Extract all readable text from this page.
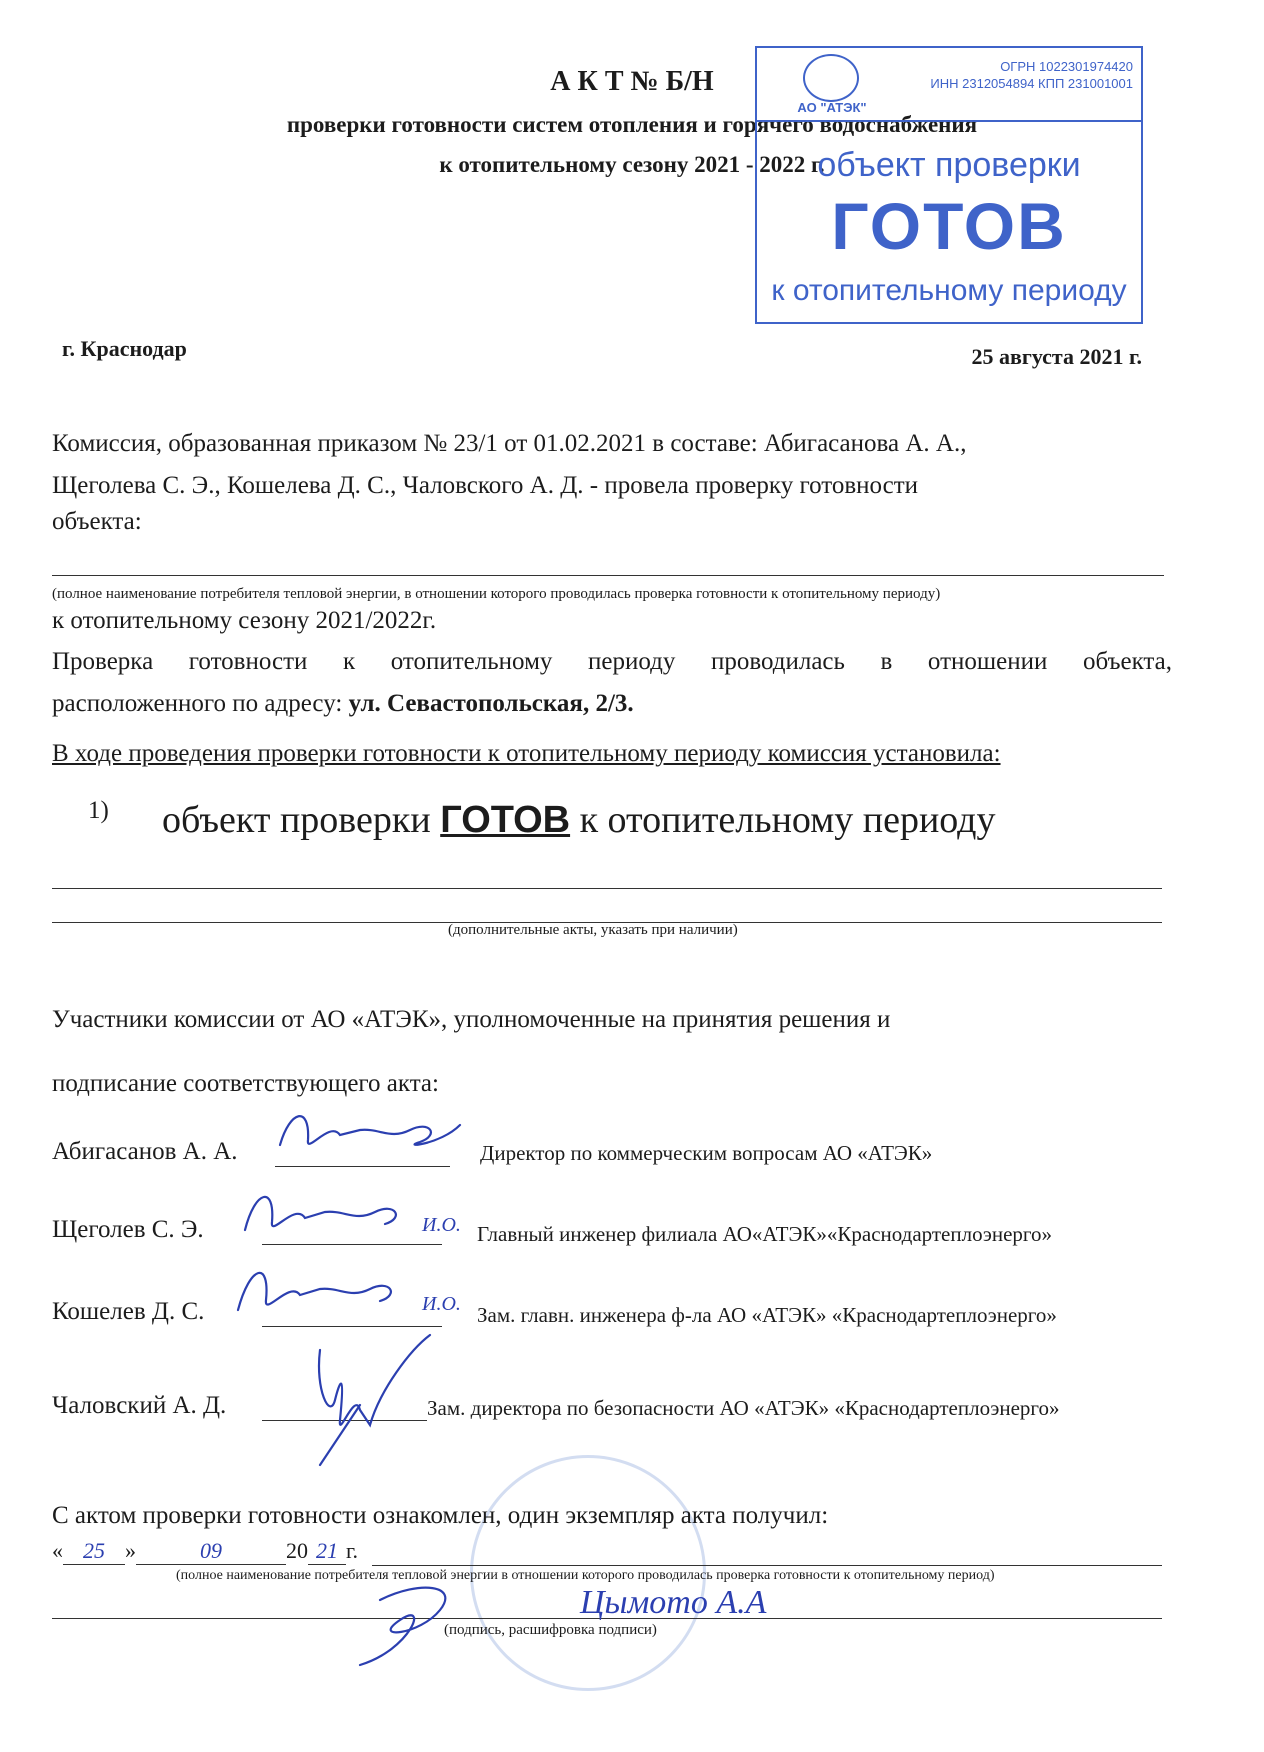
А К Т № Б/Н
проверки готовности систем отопления и горячего водоснабжения
к отопительному сезону 2021 - 2022 г.
АО "АТЭК"
ОГРН 1022301974420
ИНН 2312054894 КПП 231001001
объект проверки
ГОТОВ
к отопительному периоду
г. Краснодар	25 августа 2021 г.
Комиссия, образованная приказом № 23/1 от 01.02.2021 в составе: Абигасанова А. А.,
Щеголева С. Э., Кошелева Д. С., Чаловского А. Д. - провела проверку готовности
объекта:
(полное наименование потребителя тепловой энергии, в отношении которого проводилась проверка готовности к отопительному периоду)
к отопительному сезону 2021/2022г.
Проверка готовности к отопительному периоду проводилась в отношении объекта,
расположенного по адресу: ул. Севастопольская, 2/3.
В ходе проведения проверки готовности к отопительному периоду комиссия установила:
1) объект проверки ГОТОВ к отопительному периоду
(дополнительные акты, указать при наличии)
Участники комиссии от АО «АТЭК», уполномоченные на принятия решения и
подписание соответствующего акта:
Абигасанов А. А.	Директор по коммерческим вопросам АО «АТЭК»
Щеголев С. Э.	И.О. Главный инженер филиала АО«АТЭК»«Краснодартеплоэнерго»
Кошелев Д. С.	И.О. Зам. главн. инженера ф-ла АО «АТЭК» «Краснодартеплоэнерго»
Чаловский А. Д.	Зам. директора по безопасности АО «АТЭК» «Краснодартеплоэнерго»
С актом проверки готовности ознакомлен, один экземпляр акта получил:
« 25 »	09	20 21 г.
(полное наименование потребителя тепловой энергии в отношении которого проводилась проверка готовности к отопительному период)
Цымото А.А
(подпись, расшифровка подписи)
